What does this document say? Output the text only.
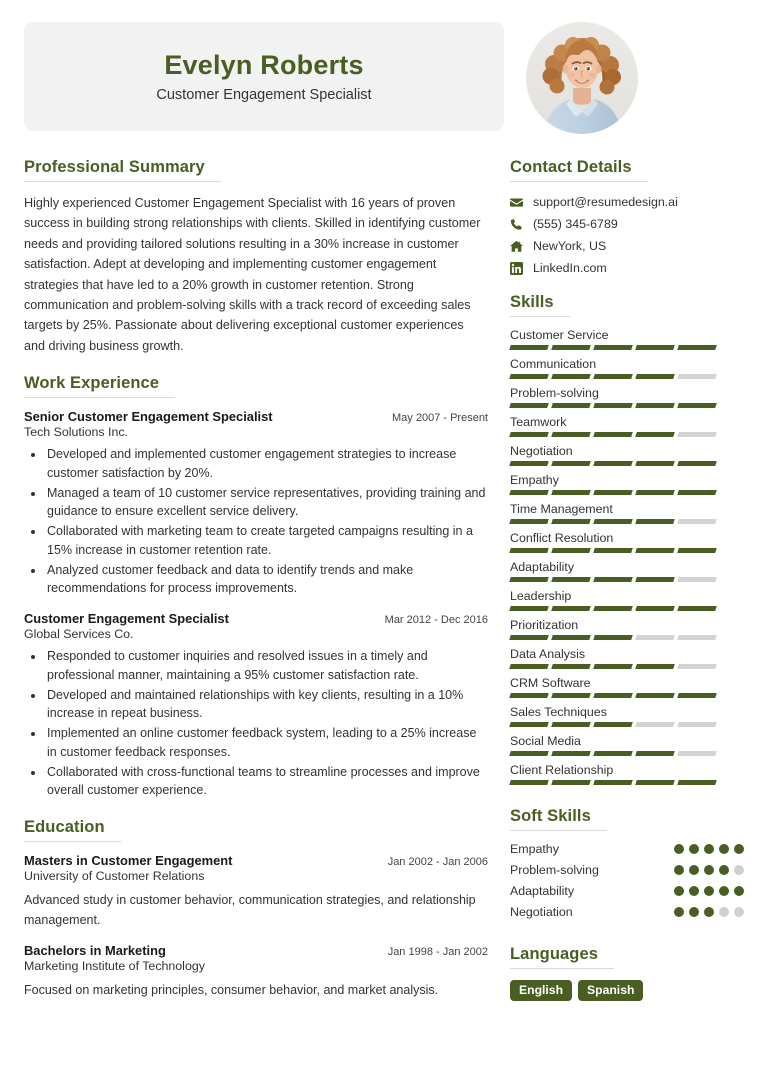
Evelyn Roberts
Customer Engagement Specialist
Professional Summary
Highly experienced Customer Engagement Specialist with 16 years of proven success in building strong relationships with clients. Skilled in identifying customer needs and providing tailored solutions resulting in a 30% increase in customer satisfaction. Adept at developing and implementing customer engagement strategies that have led to a 20% growth in customer retention. Strong communication and problem-solving skills with a track record of exceeding sales targets by 25%. Passionate about delivering exceptional customer experiences and driving business growth.
Work Experience
Senior Customer Engagement Specialist	May 2007 - Present
Tech Solutions Inc.
• Developed and implemented customer engagement strategies to increase customer satisfaction by 20%.
• Managed a team of 10 customer service representatives, providing training and guidance to ensure excellent service delivery.
• Collaborated with marketing team to create targeted campaigns resulting in a 15% increase in customer retention rate.
• Analyzed customer feedback and data to identify trends and make recommendations for process improvements.
Customer Engagement Specialist	Mar 2012 - Dec 2016
Global Services Co.
• Responded to customer inquiries and resolved issues in a timely and professional manner, maintaining a 95% customer satisfaction rate.
• Developed and maintained relationships with key clients, resulting in a 10% increase in repeat business.
• Implemented an online customer feedback system, leading to a 25% increase in customer feedback responses.
• Collaborated with cross-functional teams to streamline processes and improve overall customer experience.
Education
Masters in Customer Engagement	Jan 2002 - Jan 2006
University of Customer Relations
Advanced study in customer behavior, communication strategies, and relationship management.
Bachelors in Marketing	Jan 1998 - Jan 2002
Marketing Institute of Technology
Focused on marketing principles, consumer behavior, and market analysis.
Contact Details
support@resumedesign.ai
(555) 345-6789
NewYork, US
LinkedIn.com
Skills
Customer Service
Communication
Problem-solving
Teamwork
Negotiation
Empathy
Time Management
Conflict Resolution
Adaptability
Leadership
Prioritization
Data Analysis
CRM Software
Sales Techniques
Social Media
Client Relationship
Soft Skills
Empathy
Problem-solving
Adaptability
Negotiation
Languages
English	Spanish
